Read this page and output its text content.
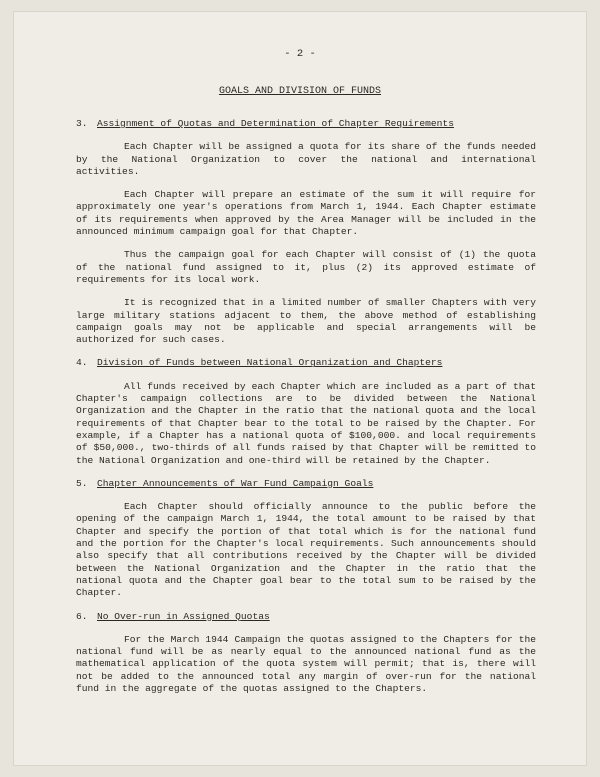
- 2 -
GOALS AND DIVISION OF FUNDS
3. Assignment of Quotas and Determination of Chapter Requirements

Each Chapter will be assigned a quota for its share of the funds needed by the National Organization to cover the national and international activities.

Each Chapter will prepare an estimate of the sum it will require for approximately one year's operations from March 1, 1944. Each Chapter estimate of its requirements when approved by the Area Manager will be included in the announced minimum campaign goal for that Chapter.

Thus the campaign goal for each Chapter will consist of (1) the quota of the national fund assigned to it, plus (2) its approved estimate of requirements for its local work.

It is recognized that in a limited number of smaller Chapters with very large military stations adjacent to them, the above method of establishing campaign goals may not be applicable and special arrangements will be authorized for such cases.

4. Division of Funds between National Organization and Chapters

All funds received by each Chapter which are included as a part of that Chapter's campaign collections are to be divided between the National Organization and the Chapter in the ratio that the national quota and the local requirements of that Chapter bear to the total to be raised by the Chapter. For example, if a Chapter has a national quota of $100,000. and local requirements of $50,000., two-thirds of all funds raised by that Chapter will be remitted to the National Organization and one-third will be retained by the Chapter.

5. Chapter Announcements of War Fund Campaign Goals

Each Chapter should officially announce to the public before the opening of the campaign March 1, 1944, the total amount to be raised by that Chapter and specify the portion of that total which is for the national fund and the portion for the Chapter's local requirements. Such announcements should also specify that all contributions received by the Chapter will be divided between the National Organization and the Chapter in the ratio that the national quota and the Chapter goal bear to the total sum to be raised by the Chapter.

6. No Over-run in Assigned Quotas

For the March 1944 Campaign the quotas assigned to the Chapters for the national fund will be as nearly equal to the announced national fund as the mathematical application of the quota system will permit; that is, there will not be added to the announced total any margin of over-run for the national fund in the aggregate of the quotas assigned to the Chapters.
